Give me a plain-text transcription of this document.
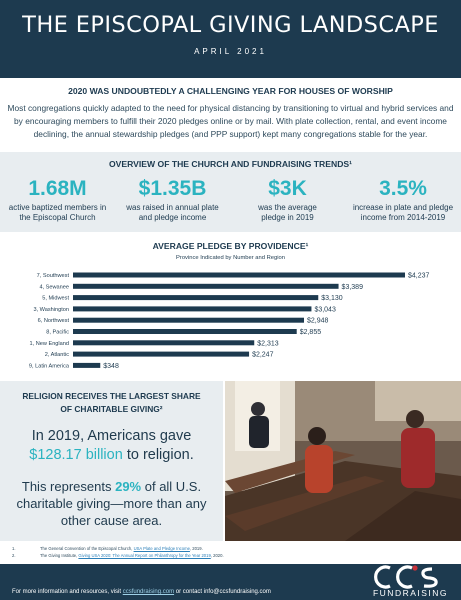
THE EPISCOPAL GIVING LANDSCAPE
APRIL 2021
2020 WAS UNDOUBTEDLY A CHALLENGING YEAR FOR HOUSES OF WORSHIP
Most congregations quickly adapted to the need for physical distancing by transitioning to virtual and hybrid services and by encouraging members to fulfill their 2020 pledges online or by mail. With plate collection, rental, and event income declining, the annual stewardship pledges (and PPP support) kept many congregations stable for the year.
OVERVIEW OF THE CHURCH AND FUNDRAISING TRENDS¹
1.68M
active baptized members in
the Episcopal Church
$1.35B
was raised in annual plate
and pledge income
$3K
was the average
pledge in 2019
3.5%
increase in plate and pledge
income from 2014-2019
AVERAGE PLEDGE BY PROVIDENCE¹
Province Indicated by Number and Region
7, Southwest	$4,237
4, Sewanee	$3,389
5, Midwest	$3,130
3, Washington	$3,043
6, Northwest	$2,948
8, Pacific	$2,855
1, New England	$2,313
2, Atlantic	$2,247
9, Latin America	$348
RELIGION RECEIVES THE LARGEST SHARE
OF CHARITABLE GIVING²
In 2019, Americans gave
$128.17 billion to religion.
This represents 29% of all U.S.
charitable giving—more than any
other cause area.
1.	The General Convention of the Episcopal Church, USA Plate and Pledge Income, 2019.
2.	The Giving Institute, Giving USA 2020: The Annual Report on Philanthropy for the Year 2019, 2020.
For more information and resources, visit ccsfundraising.com or contact info@ccsfundraising.com	FUNDRAISING
